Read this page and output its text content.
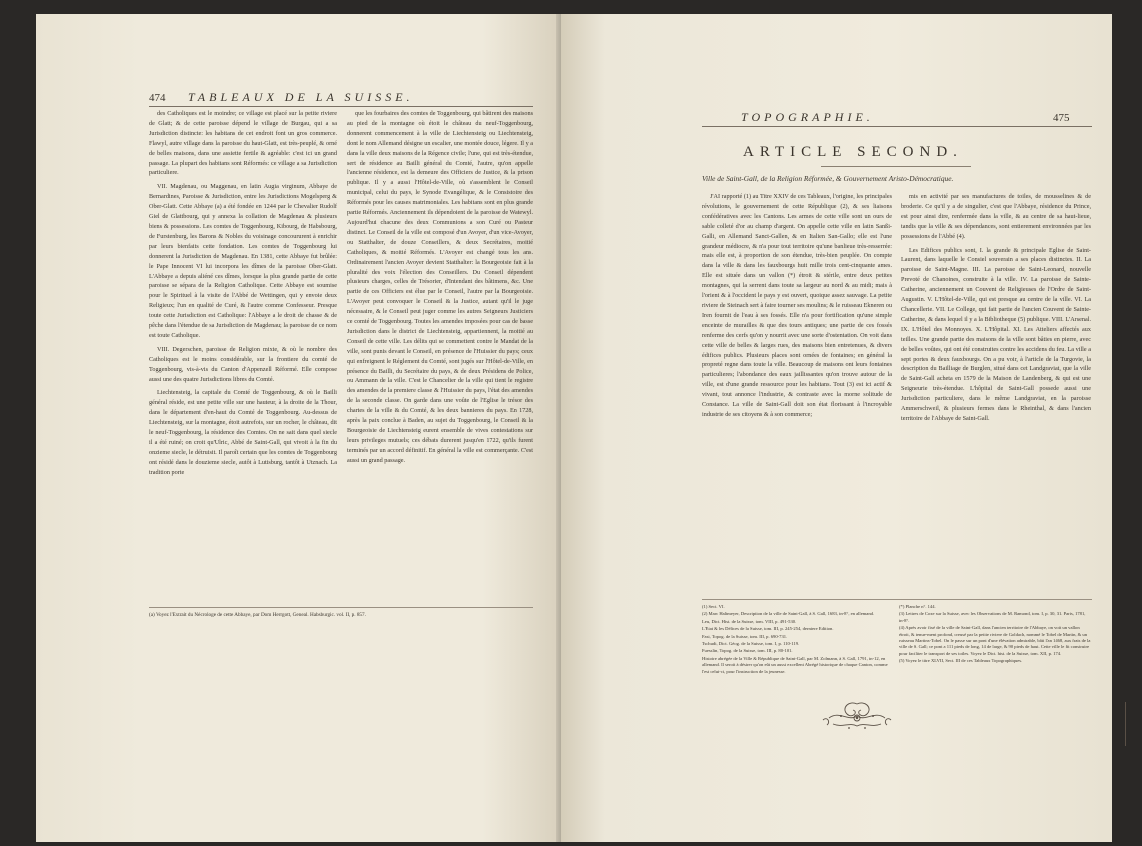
TABLEAUX DE LA SUISSE.
474

des Catholiques est le moindre; ce village est placé sur la petite riviere de Glatt; & de cette paroisse dépend le village de Burgau, qui a sa Jurisdiction distincte: les habitans de cet endroit font un gros commerce. Flawyl, autre village dans la paroisse du haut-Glatt, est très-peuplé, & orné de belles maisons, dans une assiette fertile & agréable: c'est ici un grand passage. La plupart des habitans sont Réformés: ce village a sa Jurisdiction particuliere.

VII. Magdenau, ou Maggenau, en latin Augia virginum, Abbaye de Bernardines, Paroisse & Jurisdiction, entre les Jurisdictions Mogelsperg & Ober-Glatt. Cette Abbaye (a) a été fondée en 1244 par le Chevalier Rudolf Giel de Glattbourg, qui y annexa la collation de Magdenau & plusieurs biens & possessions. Les comtes de Toggenbourg, Kibourg, de Habsbourg, de Furstenburg, les Barons & Nobles du voisinage concoururent à enrichir par leurs bienfaits cette fondation. Les comtes de Toggenbourg lui donnerent la Jurisdiction de Magdenau. En 1381, cette Abbaye fut brûlée: le Pape Innocent VI lui incorpora les dîmes de la paroisse Ober-Glatt. L'Abbaye a depuis aliéné ces dîmes, lorsque la plus grande partie de cette paroisse se sépara de la Religion Catholique. Cette Abbaye est soumise pour le Spirituel à la visite de l'Abbé de Wettingen, qui y envoie deux Religieux; l'un en qualité de Curé, & l'autre comme Confesseur. Presque toute cette Jurisdiction est Catholique: l'Abbaye a le droit de chasse & de pêche dans l'étendue de sa Jurisdiction de Magdenau; la paroisse de ce nom est toute Catholique.

VIII. Degerschen, paroisse de Religion mixte, & où le nombre des Catholiques est le moins considérable, sur la frontiere du comté de Toggenbourg, vis-à-vis du Canton d'Appenzell Réformé. Elle compose aussi une des quatre Jurisdictions libres du Comté.

Liechtensteig, la capitale du Comté de Toggenbourg, & où le Bailli général réside, est une petite ville sur une hauteur, à la droite de la Thour, dans le département d'en-haut du Comté de Toggenbourg. Au-dessus de Liechtensteig, sur la montagne, étoit autrefois, sur un rocher, le château, dit le neuf-Toggenbourg, la résidence des Comtes. On ne sait dans quel siecle il a été ruiné; on croit qu'Ulric, Abbé de Saint-Gall, qui vivoit à la fin du onzieme siecle, le détruisit. Il paroît certain que les comtes de Toggenbourg ont résidé dans le douzieme siecle, autôt à Lutisburg, tantôt à Utznach. La tradition porte

que les fourbaires des comtes de Toggenbourg, qui bâtirent des maisons au pied de la montagne où étoit le château du neuf-Toggenbourg, donnerent commencement à la ville de Liechtensteig ou Liechtensteig, dont le nom Allemand désigne un escalier, une montée douce, légere. Il y a dans la ville deux maisons de la Régence civile; l'une, qui est très-étendue, sert de résidence au Bailli général du Comté, l'autre, qu'on appelle l'ancienne résidence, est la demeure des Officiers de Justice, & la prison publique. Il y a aussi l'Hôtel-de-Ville, où s'assemblent le Conseil municipal, celui du pays, le Synode Evangélique, & le Consistoire des Réformés pour les causes matrimoniales. Les habitans sont en plus grande partie Réformés. Anciennement ils dépendoient de la paroisse de Watewyl. Aujourd'hui chacune des deux Communions a son Curé ou Pasteur distinct. Le Conseil de la ville est composé d'un Avoyer, d'un vice-Avoyer, ou Statthalter, de douze Conseillers, & deux Secrétaires, moitié Catholiques, & moitié Réformés. L'Avoyer est changé tous les ans. Ordinairement l'ancien Avoyer devient Statthalter: la Bourgeoisie fait à la pluralité des voix l'élection des Conseillers. Du Conseil dépendent plusieurs charges, celles de Trésorier, d'Intendant des bâtimens, &c. Une partie de ces Officiers est élue par le Conseil, l'autre par la Bourgeoisie. L'Avoyer peut convoquer le Conseil & la Justice, autant qu'il le juge nécessaire, & le Conseil peut juger comme les autres Seigneurs Justiciers ce comté de Toggenbourg. Toutes les amendes imposées pour cas de basse Jurisdiction dans le district de Liechtensteig, appartiennent, la moitié au Conseil de cette ville. Les délits qui se commettent contre le Mandat de la ville, sont punis devant le Conseil, en présence de l'Huissier du pays; ceux qui enfreignent le Réglement du Comté, sont jugés sur l'Hôtel-de-Ville, en présence du Bailli, du Secrétaire du pays, & de deux Présidens de Police, ou Ammann de la ville. C'est le Chancelier de la ville qui tient le registre des amendes de la premiere classe & l'Huissier du pays, l'état des amendes de la seconde classe. On garde dans une voûte de l'Eglise le trésor des chartes de la ville & du Comté, & les deux bannieres du pays. En 1728, après la paix conclue à Baden, au sujet du Toggenbourg, le Conseil & la Bourgeoisie de Liechtensteig eurent ensemble de vives contestations sur leurs privileges mutuels; ces débats durerent jusqu'en 1722, qu'ils furent terminés par un accord définitif. En général la ville est commerçante. C'est aussi un grand passage.

(a) Voyez l'Extrait du Nécrologe de cette Abbaye, par Dom Herrgott, Geneal. Habsburgic. vol. II, p. 857.
TOPOGRAPHIE.	475
ARTICLE SECOND.
Ville de Saint-Gall, de la Religion Réformée, & Gouvernement Aristo-Démocratique.

J'AI rapporté (1) au Titre XXIV de ces Tableaux, l'origine, les principales révolutions, le gouvernement de cette République (2), & ses liaisons confédératives avec les Cantons. Les armes de cette ville sont un ours de sable colleté d'or au champ d'argent. On appelle cette ville en latin Sanßi-Galli, en Allemand Sanct-Gallen, & en Italien San-Gallo; elle est l'une grandeur médiocre, & n'a pour tout territoire qu'une banlieue très-resserrée: mais elle est, à proportion de son étendue, très-bien peuplée. On compte dans la ville & dans les fauxbourgs huit mille trois cent-cinquante ames. Elle est située dans un vallon (*) étroit & stérile, entre deux petites montagnes, qui la serrent dans toute sa largeur au nord & au midi; mais à l'orient & à l'occident le pays y est ouvert, quoique assez sauvage. La petite riviere de Steinach sert à faire tourner ses moulins; & le ruisseau Ekneren ou Iren fournit de l'eau à ses fossés. Elle n'a pour fortification qu'une simple enceinte de murailles & que des tours antiques; une partie de ces fossés renferme des cerfs qu'on y nourrit avec une sorte d'ostentation. On voit dans cette ville de belles & larges rues, des maisons bien entretenues, & divers édifices publics. Plusieurs places sont ornées de fontaines; en général la propreté regne dans toute la ville. Beaucoup de maisons ont leurs fontaines particulieres; l'abondance des eaux jaillissantes qu'on trouve autour de la ville, est d'une grande ressource pour les habitans. Tout (3) est ici actif & vivant, tout annonce l'industrie, & contraste avec la morne solitude de Constance. La ville de Saint-Gall doit son état florissant à l'incroyable industrie de ses citoyens & à son commerce;

mis en activité par ses manufactures de toiles, de mousselines & de broderie. Ce qu'il y a de singulier, c'est que l'Abbaye, résidence du Prince, est pour ainsi dire, renfermée dans la ville, & au centre de sa haut-lieue, tandis que la ville & ses dépendances, sont entierement environnées par les possessions de l'Abbé (4).

Les Edifices publics sont, I. la grande & principale Eglise de Saint-Laurent, dans laquelle le Consiel souverain a ses places distinctes. II. La paroisse de Saint-Magne. III. La paroisse de Saint-Leonard, nouvelle Prevoté de Chanoines, construite à la ville. IV. La paroisse de Sainte-Catherine, anciennement un Couvent de Religieuses de l'Ordre de Saint-Augustin. V. L'Hôtel-de-Ville, qui est presque au centre de la ville. VI. La Chancellerie. VII. Le College, qui fait partie de l'ancien Couvent de Sainte-Catherine, & dans lequel il y a la Bibliotheque (5) publique. VIII. L'Arsenal. IX. L'Hôtel des Monnoyes. X. L'Hôpital. XI. Les Atteliers affectés aux teilles. Une grande partie des maisons de la ville sont bâties en pierre, avec de belles voûtes, qui ont été construites contre les accidens du feu. La ville a sept portes & deux fauxbourgs. On a pu voir, à l'article de la Turgovie, la description du Bailliage de Burglen, situé dans cet Landgraviat, que la ville de Saint-Gall acheta en 1579 de la Maison de Landenberg, & qui est une Seigneurie très-étendue. L'hôpital de Saint-Gall possede aussi une Jurisdiction particuliere, dans le même Landgraviat, en la paroisse Ammerschweil, & plusieurs fermes dans le Rheinthal, & dans l'ancien territoire de l'Abbaye de Saint-Gall.

(1) Sect. VI.

(2) Marc Haltmeyer, Description de la ville de Saint-Gall, à S. Gall, 1683, in-8°, en allemand.

Leu, Dict. Hist. de la Suisse, tom. VIII, p. 491-530.

L'Etat & les Délices de la Suisse, tom. III, p. 245-254, derniere Edition.

Fasi, Topog. de la Suisse, tom. III, p. 690-731.

Tschudi, Dict. Géog. de la Suisse, tom. I, p. 110-119.

Fuesslin, Topog. de la Suisse, tom. III, p. 80-101.

Histoire abrégée de la Ville & République de Saint-Gall, par M. Zolmann, à S. Gall, 1791, in-12, en allemand. Il seroit à désirer qu'on eût un aussi excellent Abrégé historique de chaque Canton, comme l'est celui-ci, pour l'instruction de la jeunesse.

(*) Planche n°. 144.

(3) Lettres de Coxe sur la Suisse, avec les Observations de M. Ramond, tom. I, p. 30, 31. Paris, 1781, in-8°.

(4) Après avoir fixé de la ville de Saint-Gall, dans l'ancien territoire de l'Abbaye, on voit un vallon étroit, & tenue-ment profond, creusé par la petite riviere de Goldach, nommé le Tobel de Martin, & un ruisseau Martins-Tobel. On le passe sur un pont d'une élévation admirable, bâti l'an 1468, aux frais de la ville de S. Gall; ce pont a 111 pieds de long, 14 de large, & 90 pieds de haut. Cette ville le fit construire pour faciliter le transport de ses toiles. Voyez le Dict. hist. de la Suisse, tom. XII, p. 174.

(5) Voyez le titre XLVII, Sect. III de ces Tableaux Topographiques.
